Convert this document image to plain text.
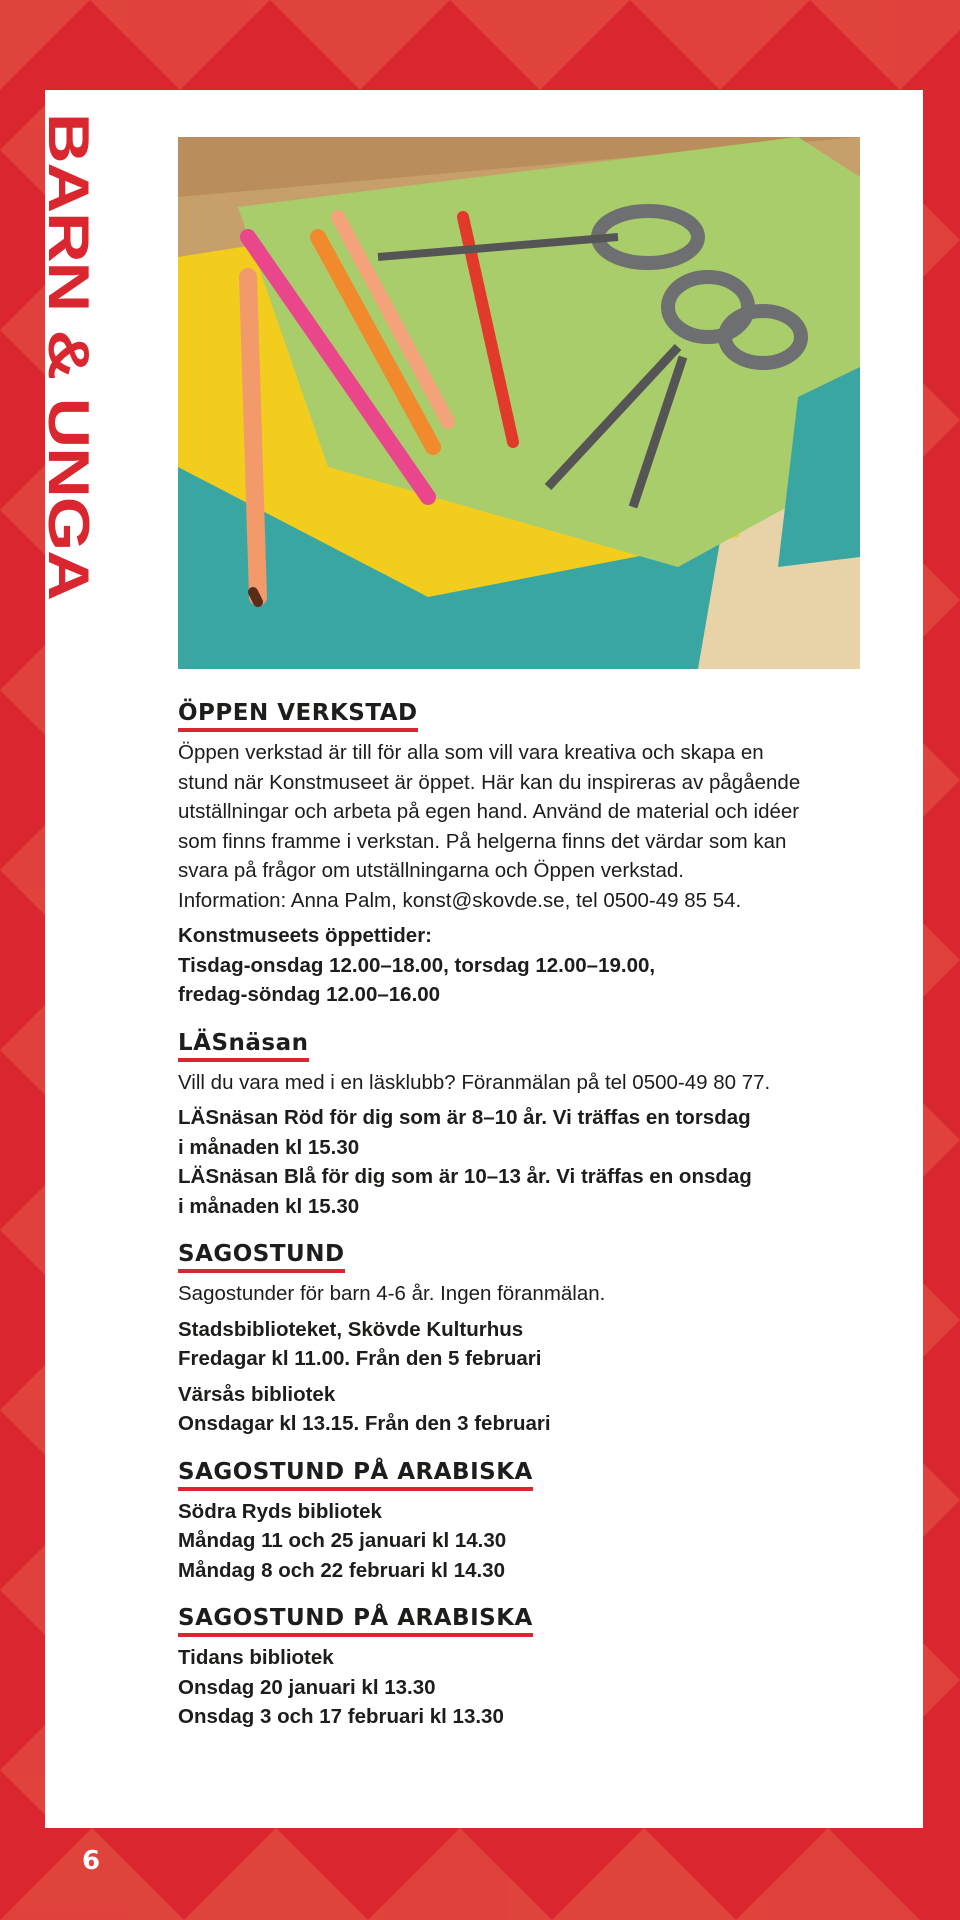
BARN & UNGA
ÖPPEN VERKSTAD
Öppen verkstad är till för alla som vill vara kreativa och skapa en
stund när Konstmuseet är öppet. Här kan du inspireras av pågående
utställningar och arbeta på egen hand. Använd de material och idéer
som finns framme i verkstan. På helgerna finns det värdar som kan
svara på frågor om utställningarna och Öppen verkstad.
Information: Anna Palm, konst@skovde.se, tel 0500-49 85 54.
Konstmuseets öppettider:
Tisdag-onsdag 12.00–18.00, torsdag 12.00–19.00,
fredag-söndag 12.00–16.00
LÄSnäsan
Vill du vara med i en läsklubb? Föranmälan på tel 0500-49 80 77.
LÄSnäsan Röd för dig som är 8–10 år. Vi träffas en torsdag
i månaden kl 15.30
LÄSnäsan Blå för dig som är 10–13 år. Vi träffas en onsdag
i månaden kl 15.30
SAGOSTUND
Sagostunder för barn 4-6 år. Ingen föranmälan.
Stadsbiblioteket, Skövde Kulturhus
Fredagar kl 11.00. Från den 5 februari
Värsås bibliotek
Onsdagar kl 13.15. Från den 3 februari
SAGOSTUND PÅ ARABISKA
Södra Ryds bibliotek
Måndag 11 och 25 januari kl 14.30
Måndag 8 och 22 februari kl 14.30
SAGOSTUND PÅ ARABISKA
Tidans bibliotek
Onsdag 20 januari kl 13.30
Onsdag 3 och 17 februari kl 13.30
6
